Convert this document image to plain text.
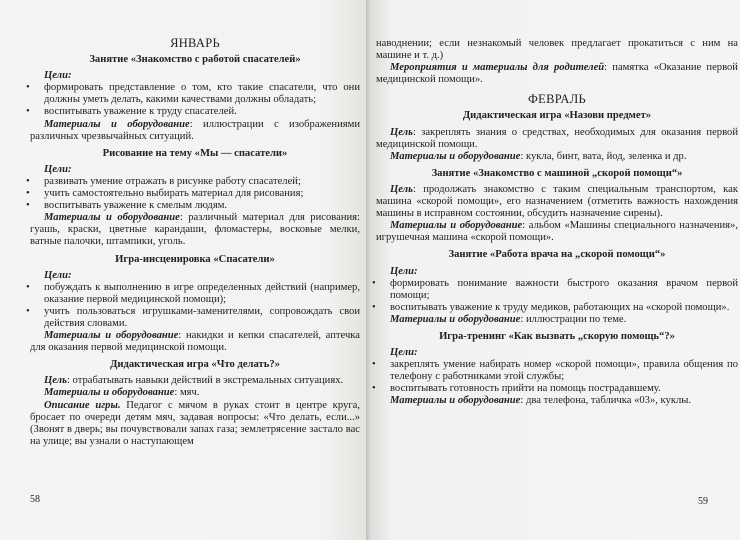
ЯНВАРЬ
Занятие «Знакомство с работой спасателей»

Цели:

• формировать представление о том, кто такие спасатели, что они должны уметь делать, какими качествами должны обладать;
• воспитывать уважение к труду спасателей.

Материалы и оборудование: иллюстрации с изображениями различных чрезвычайных ситуаций.

Рисование на тему «Мы — спасатели»

Цели:

• развивать умение отражать в рисунке работу спасателей;
• учить самостоятельно выбирать материал для рисования;
• воспитывать уважение к смелым людям.

Материалы и оборудование: различный материал для рисования: гуашь, краски, цветные карандаши, фломастеры, восковые мелки, ватные палочки, штампики, уголь.

Игра-инсценировка «Спасатели»

Цели:

• побуждать к выполнению в игре определенных действий (например, оказание первой медицинской помощи);
• учить пользоваться игрушками-заменителями, сопровождать свои действия словами.

Материалы и оборудование: накидки и кепки спасателей, аптечка для оказания первой медицинской помощи.

Дидактическая игра «Что делать?»

Цель: отрабатывать навыки действий в экстремальных ситуациях.

Материалы и оборудование: мяч.

Описание игры. Педагог с мячом в руках стоит в центре круга, бросает по очереди детям мяч, задавая вопросы: «Что делать, если...» (Звонят в дверь; вы почувствовали запах газа; землетрясение застало вас на улице; вы узнали о наступающем

58

наводнении; если незнакомый человек предлагает прокатиться с ним на машине и т. д.)

Мероприятия и материалы для родителей: памятка «Оказание первой медицинской помощи».

ФЕВРАЛЬ
Дидактическая игра «Назови предмет»

Цель: закреплять знания о средствах, необходимых для оказания первой медицинской помощи.

Материалы и оборудование: кукла, бинт, вата, йод, зеленка и др.

Занятие «Знакомство с машиной „скорой помощи“»

Цель: продолжать знакомство с таким специальным транспортом, как машина «скорой помощи», его назначением (отметить важность нахождения машины в исправном состоянии, обсудить назначение сирены).

Материалы и оборудование: альбом «Машины специального назначения», игрушечная машина «скорой помощи».

Занятие «Работа врача на „скорой помощи“»

Цели:

• формировать понимание важности быстрого оказания врачом первой помощи;
• воспитывать уважение к труду медиков, работающих на «скорой помощи».

Материалы и оборудование: иллюстрации по теме.

Игра-тренинг «Как вызвать „скорую помощь“?»

Цели:

• закреплять умение набирать номер «скорой помощи», правила общения по телефону с работниками этой службы;
• воспитывать готовность прийти на помощь пострадавшему.

Материалы и оборудование: два телефона, табличка «03», куклы.

59
